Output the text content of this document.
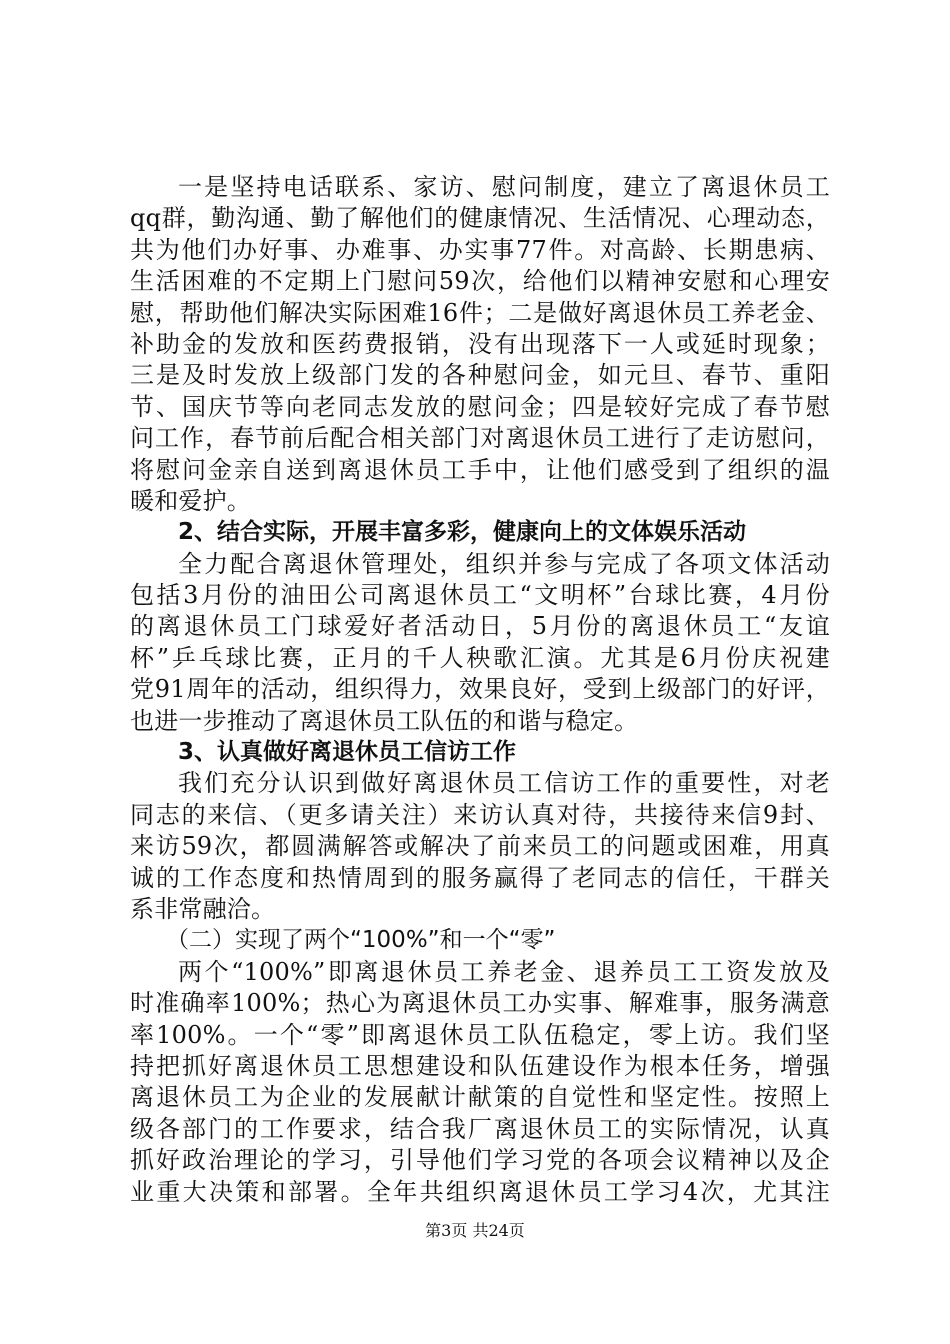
一是坚持电话联系、家访、慰问制度，建立了离退休员工
qq群，勤沟通、勤了解他们的健康情况、生活情况、心理动态，
共为他们办好事、办难事、办实事77件。对高龄、长期患病、
生活困难的不定期上门慰问59次，给他们以精神安慰和心理安
慰，帮助他们解决实际困难16件；二是做好离退休员工养老金、
补助金的发放和医药费报销，没有出现落下一人或延时现象；
三是及时发放上级部门发的各种慰问金，如元旦、春节、重阳
节、国庆节等向老同志发放的慰问金；四是较好完成了春节慰
问工作，春节前后配合相关部门对离退休员工进行了走访慰问，
将慰问金亲自送到离退休员工手中，让他们感受到了组织的温
暖和爱护。
2、结合实际，开展丰富多彩，健康向上的文体娱乐活动
全力配合离退休管理处，组织并参与完成了各项文体活动
包括3月份的油田公司离退休员工“文明杯”台球比赛，4月份
的离退休员工门球爱好者活动日，5月份的离退休员工“友谊
杯”乒乓球比赛，正月的千人秧歌汇演。尤其是6月份庆祝建
党91周年的活动，组织得力，效果良好，受到上级部门的好评，
也进一步推动了离退休员工队伍的和谐与稳定。
3、认真做好离退休员工信访工作
我们充分认识到做好离退休员工信访工作的重要性，对老
同志的来信、（更多请关注）来访认真对待，共接待来信9封、
来访59次，都圆满解答或解决了前来员工的问题或困难，用真
诚的工作态度和热情周到的服务赢得了老同志的信任，干群关
系非常融洽。
（二）实现了两个“100%”和一个“零”
两个“100%”即离退休员工养老金、退养员工工资发放及
时准确率100%；热心为离退休员工办实事、解难事，服务满意
率100%。一个“零”即离退休员工队伍稳定，零上访。我们坚
持把抓好离退休员工思想建设和队伍建设作为根本任务，增强
离退休员工为企业的发展献计献策的自觉性和坚定性。按照上
级各部门的工作要求，结合我厂离退休员工的实际情况，认真
抓好政治理论的学习，引导他们学习党的各项会议精神以及企
业重大决策和部署。全年共组织离退休员工学习4次，尤其注
第3页 共24页
